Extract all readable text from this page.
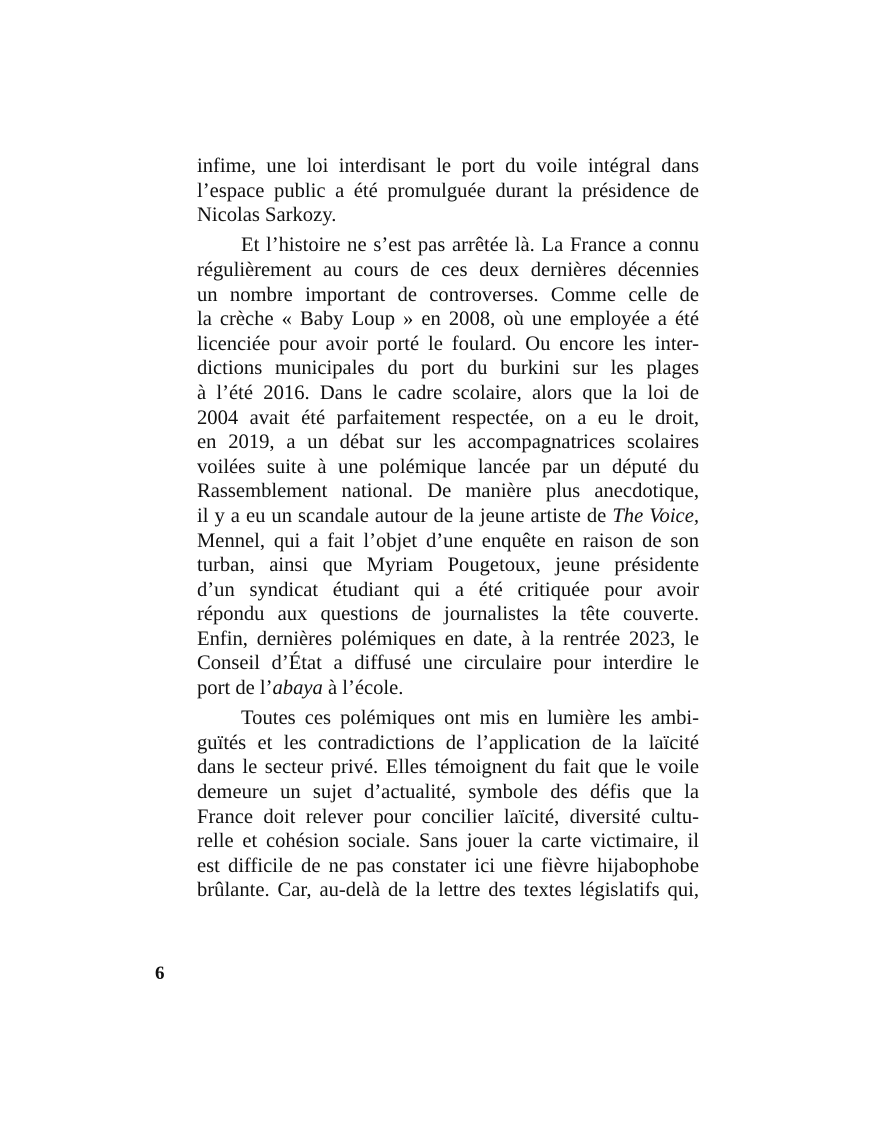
infime, une loi interdisant le port du voile intégral dans
l’espace public a été promulguée durant la présidence de
Nicolas Sarkozy.

Et l’histoire ne s’est pas arrêtée là. La France a connu
régulièrement au cours de ces deux dernières décennies
un nombre important de controverses. Comme celle de
la crèche « Baby Loup » en 2008, où une employée a été
licenciée pour avoir porté le foulard. Ou encore les inter-
dictions municipales du port du burkini sur les plages
à l’été 2016. Dans le cadre scolaire, alors que la loi de
2004 avait été parfaitement respectée, on a eu le droit,
en 2019, a un débat sur les accompagnatrices scolaires
voilées suite à une polémique lancée par un député du
Rassemblement national. De manière plus anecdotique,
il y a eu un scandale autour de la jeune artiste de The Voice,
Mennel, qui a fait l’objet d’une enquête en raison de son
turban, ainsi que Myriam Pougetoux, jeune présidente
d’un syndicat étudiant qui a été critiquée pour avoir
répondu aux questions de journalistes la tête couverte.
Enfin, dernières polémiques en date, à la rentrée 2023, le
Conseil d’État a diffusé une circulaire pour interdire le
port de l’abaya à l’école.

Toutes ces polémiques ont mis en lumière les ambi-
guïtés et les contradictions de l’application de la laïcité
dans le secteur privé. Elles témoignent du fait que le voile
demeure un sujet d’actualité, symbole des défis que la
France doit relever pour concilier laïcité, diversité cultu-
relle et cohésion sociale. Sans jouer la carte victimaire, il
est difficile de ne pas constater ici une fièvre hijabophobe
brûlante. Car, au-delà de la lettre des textes législatifs qui,

6
